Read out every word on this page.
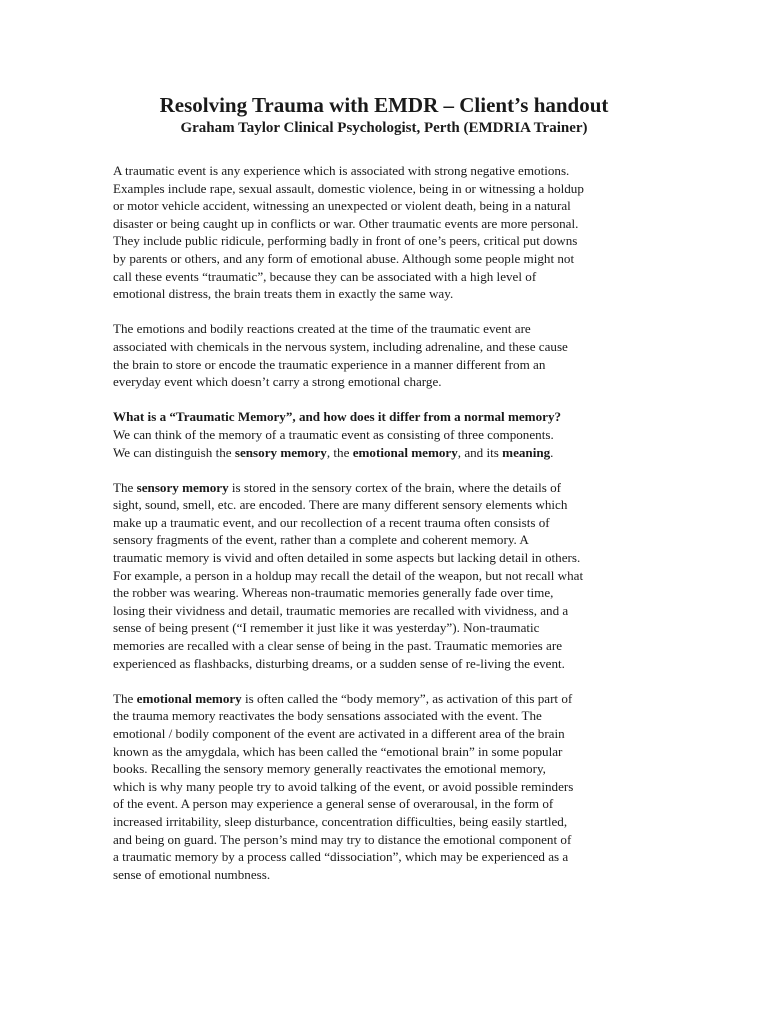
Resolving Trauma with EMDR – Client’s handout
Graham Taylor Clinical Psychologist, Perth (EMDRIA Trainer)
A traumatic event is any experience which is associated with strong negative emotions.
Examples include rape, sexual assault, domestic violence, being in or witnessing a holdup
or motor vehicle accident, witnessing an unexpected or violent death, being in a natural
disaster or being caught up in conflicts or war. Other traumatic events are more personal.
They include public ridicule, performing badly in front of one’s peers, critical put downs
by parents or others, and any form of emotional abuse. Although some people might not
call these events “traumatic”, because they can be associated with a high level of
emotional distress, the brain treats them in exactly the same way.
The emotions and bodily reactions created at the time of the traumatic event are
associated with chemicals in the nervous system, including adrenaline, and these cause
the brain to store or encode the traumatic experience in a manner different from an
everyday event which doesn’t carry a strong emotional charge.
What is a “Traumatic Memory”, and how does it differ from a normal memory?
We can think of the memory of a traumatic event as consisting of three components.
We can distinguish the sensory memory, the emotional memory, and its meaning.
The sensory memory is stored in the sensory cortex of the brain, where the details of
sight, sound, smell, etc. are encoded. There are many different sensory elements which
make up a traumatic event, and our recollection of a recent trauma often consists of
sensory fragments of the event, rather than a complete and coherent memory. A
traumatic memory is vivid and often detailed in some aspects but lacking detail in others.
For example, a person in a holdup may recall the detail of the weapon, but not recall what
the robber was wearing. Whereas non-traumatic memories generally fade over time,
losing their vividness and detail, traumatic memories are recalled with vividness, and a
sense of being present (“I remember it just like it was yesterday”). Non-traumatic
memories are recalled with a clear sense of being in the past. Traumatic memories are
experienced as flashbacks, disturbing dreams, or a sudden sense of re-living the event.
The emotional memory is often called the “body memory”, as activation of this part of
the trauma memory reactivates the body sensations associated with the event. The
emotional / bodily component of the event are activated in a different area of the brain
known as the amygdala, which has been called the “emotional brain” in some popular
books. Recalling the sensory memory generally reactivates the emotional memory,
which is why many people try to avoid talking of the event, or avoid possible reminders
of the event. A person may experience a general sense of overarousal, in the form of
increased irritability, sleep disturbance, concentration difficulties, being easily startled,
and being on guard. The person’s mind may try to distance the emotional component of
a traumatic memory by a process called “dissociation”, which may be experienced as a
sense of emotional numbness.
